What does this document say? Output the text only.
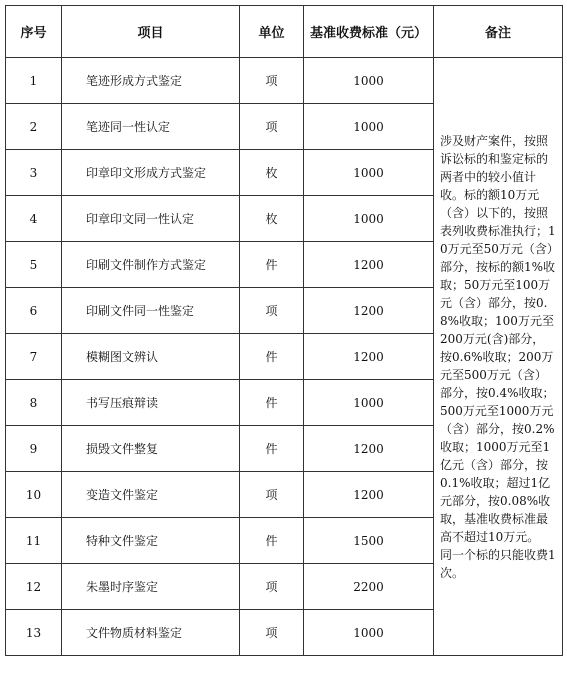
序号	项目	单位	基准收费标准（元）	备注
1	笔迹形成方式鉴定	项	1000	涉及财产案件，按照诉讼标的和鉴定标的两者中的较小值计收。标的额10万元（含）以下的，按照表列收费标准执行；10万元至50万元（含）部分，按标的额1%收取；50万元至100万元（含）部分，按0.8%收取；100万元至200万元(含)部分，按0.6%收取；200万元至500万元（含）部分，按0.4%收取；500万元至1000万元（含）部分，按0.2%收取；1000万元至1亿元（含）部分，按0.1%收取；超过1亿元部分，按0.08%收取，基准收费标准最高不超过10万元。

同一个标的只能收费1次。

2	笔迹同一性认定	项	1000	
3	印章印文形成方式鉴定	枚	1000	
4	印章印文同一性认定	枚	1000	
5	印刷文件制作方式鉴定	件	1200	
6	印刷文件同一性鉴定	项	1200	
7	模糊图文辨认	件	1200	
8	书写压痕辩读	件	1000	
9	损毁文件整复	件	1200	
10	变造文件鉴定	项	1200	
11	特种文件鉴定	件	1500	
12	朱墨时序鉴定	项	2200	
13	文件物质材料鉴定	项	1000	
